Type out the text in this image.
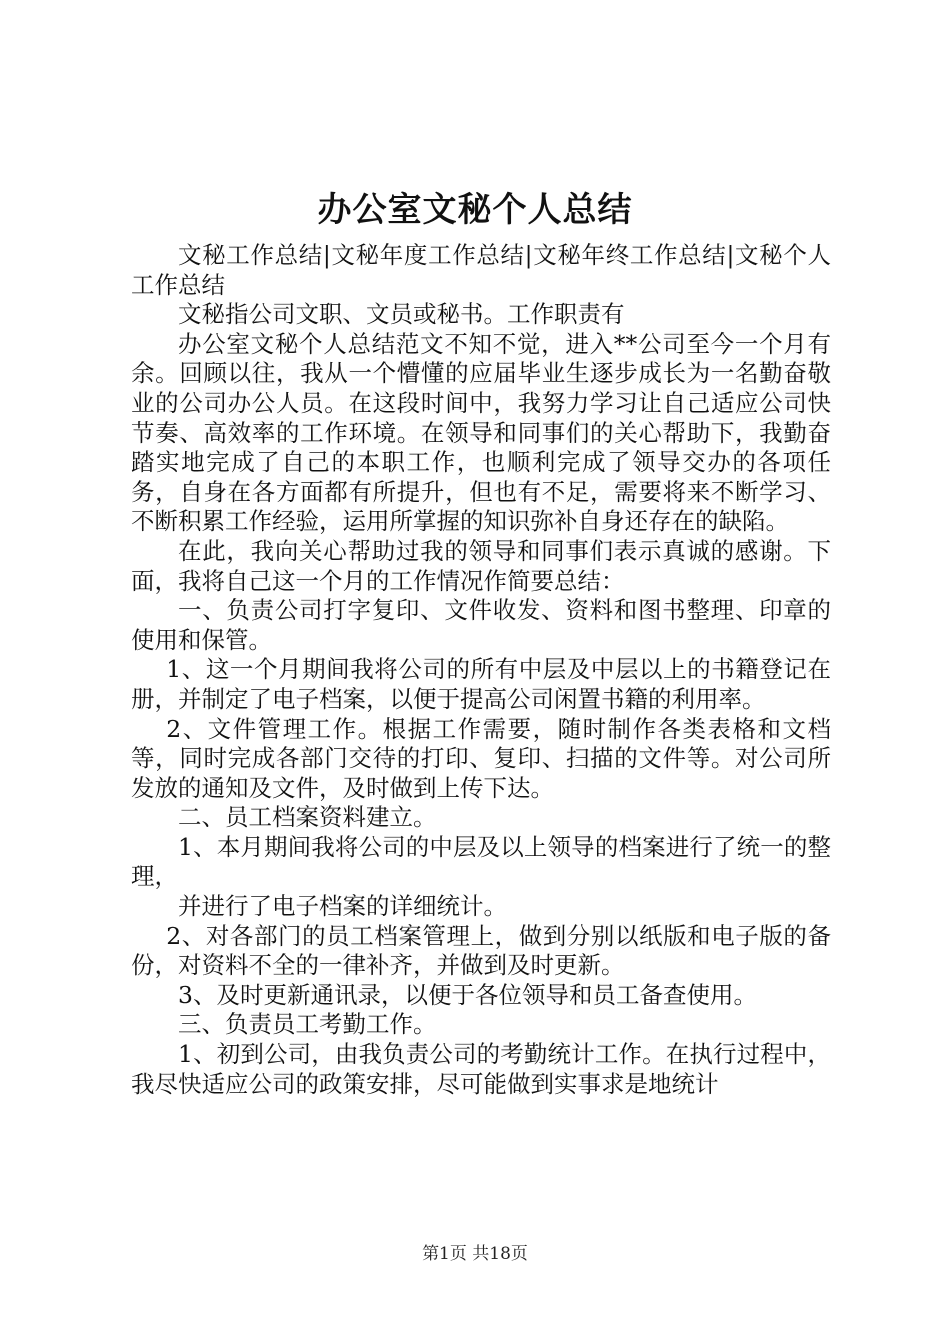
办公室文秘个人总结

文秘工作总结|文秘年度工作总结|文秘年终工作总结|文秘个人工作总结

文秘指公司文职、文员或秘书。工作职责有

办公室文秘个人总结范文不知不觉，进入**公司至今一个月有余。回顾以往，我从一个懵懂的应届毕业生逐步成长为一名勤奋敬业的公司办公人员。在这段时间中，我努力学习让自己适应公司快节奏、高效率的工作环境。在领导和同事们的关心帮助下，我勤奋踏实地完成了自己的本职工作，也顺利完成了领导交办的各项任务，自身在各方面都有所提升，但也有不足，需要将来不断学习、不断积累工作经验，运用所掌握的知识弥补自身还存在的缺陷。

在此，我向关心帮助过我的领导和同事们表示真诚的感谢。下面，我将自己这一个月的工作情况作简要总结：

一、负责公司打字复印、文件收发、资料和图书整理、印章的使用和保管。

1、这一个月期间我将公司的所有中层及中层以上的书籍登记在册，并制定了电子档案，以便于提高公司闲置书籍的利用率。

2、文件管理工作。根据工作需要，随时制作各类表格和文档等，同时完成各部门交待的打印、复印、扫描的文件等。对公司所发放的通知及文件，及时做到上传下达。

二、员工档案资料建立。

1、本月期间我将公司的中层及以上领导的档案进行了统一的整理，

并进行了电子档案的详细统计。

2、对各部门的员工档案管理上，做到分别以纸版和电子版的备份，对资料不全的一律补齐，并做到及时更新。

3、及时更新通讯录，以便于各位领导和员工备查使用。

三、负责员工考勤工作。

1、初到公司，由我负责公司的考勤统计工作。在执行过程中，我尽快适应公司的政策安排，尽可能做到实事求是地统计

第1页 共18页
